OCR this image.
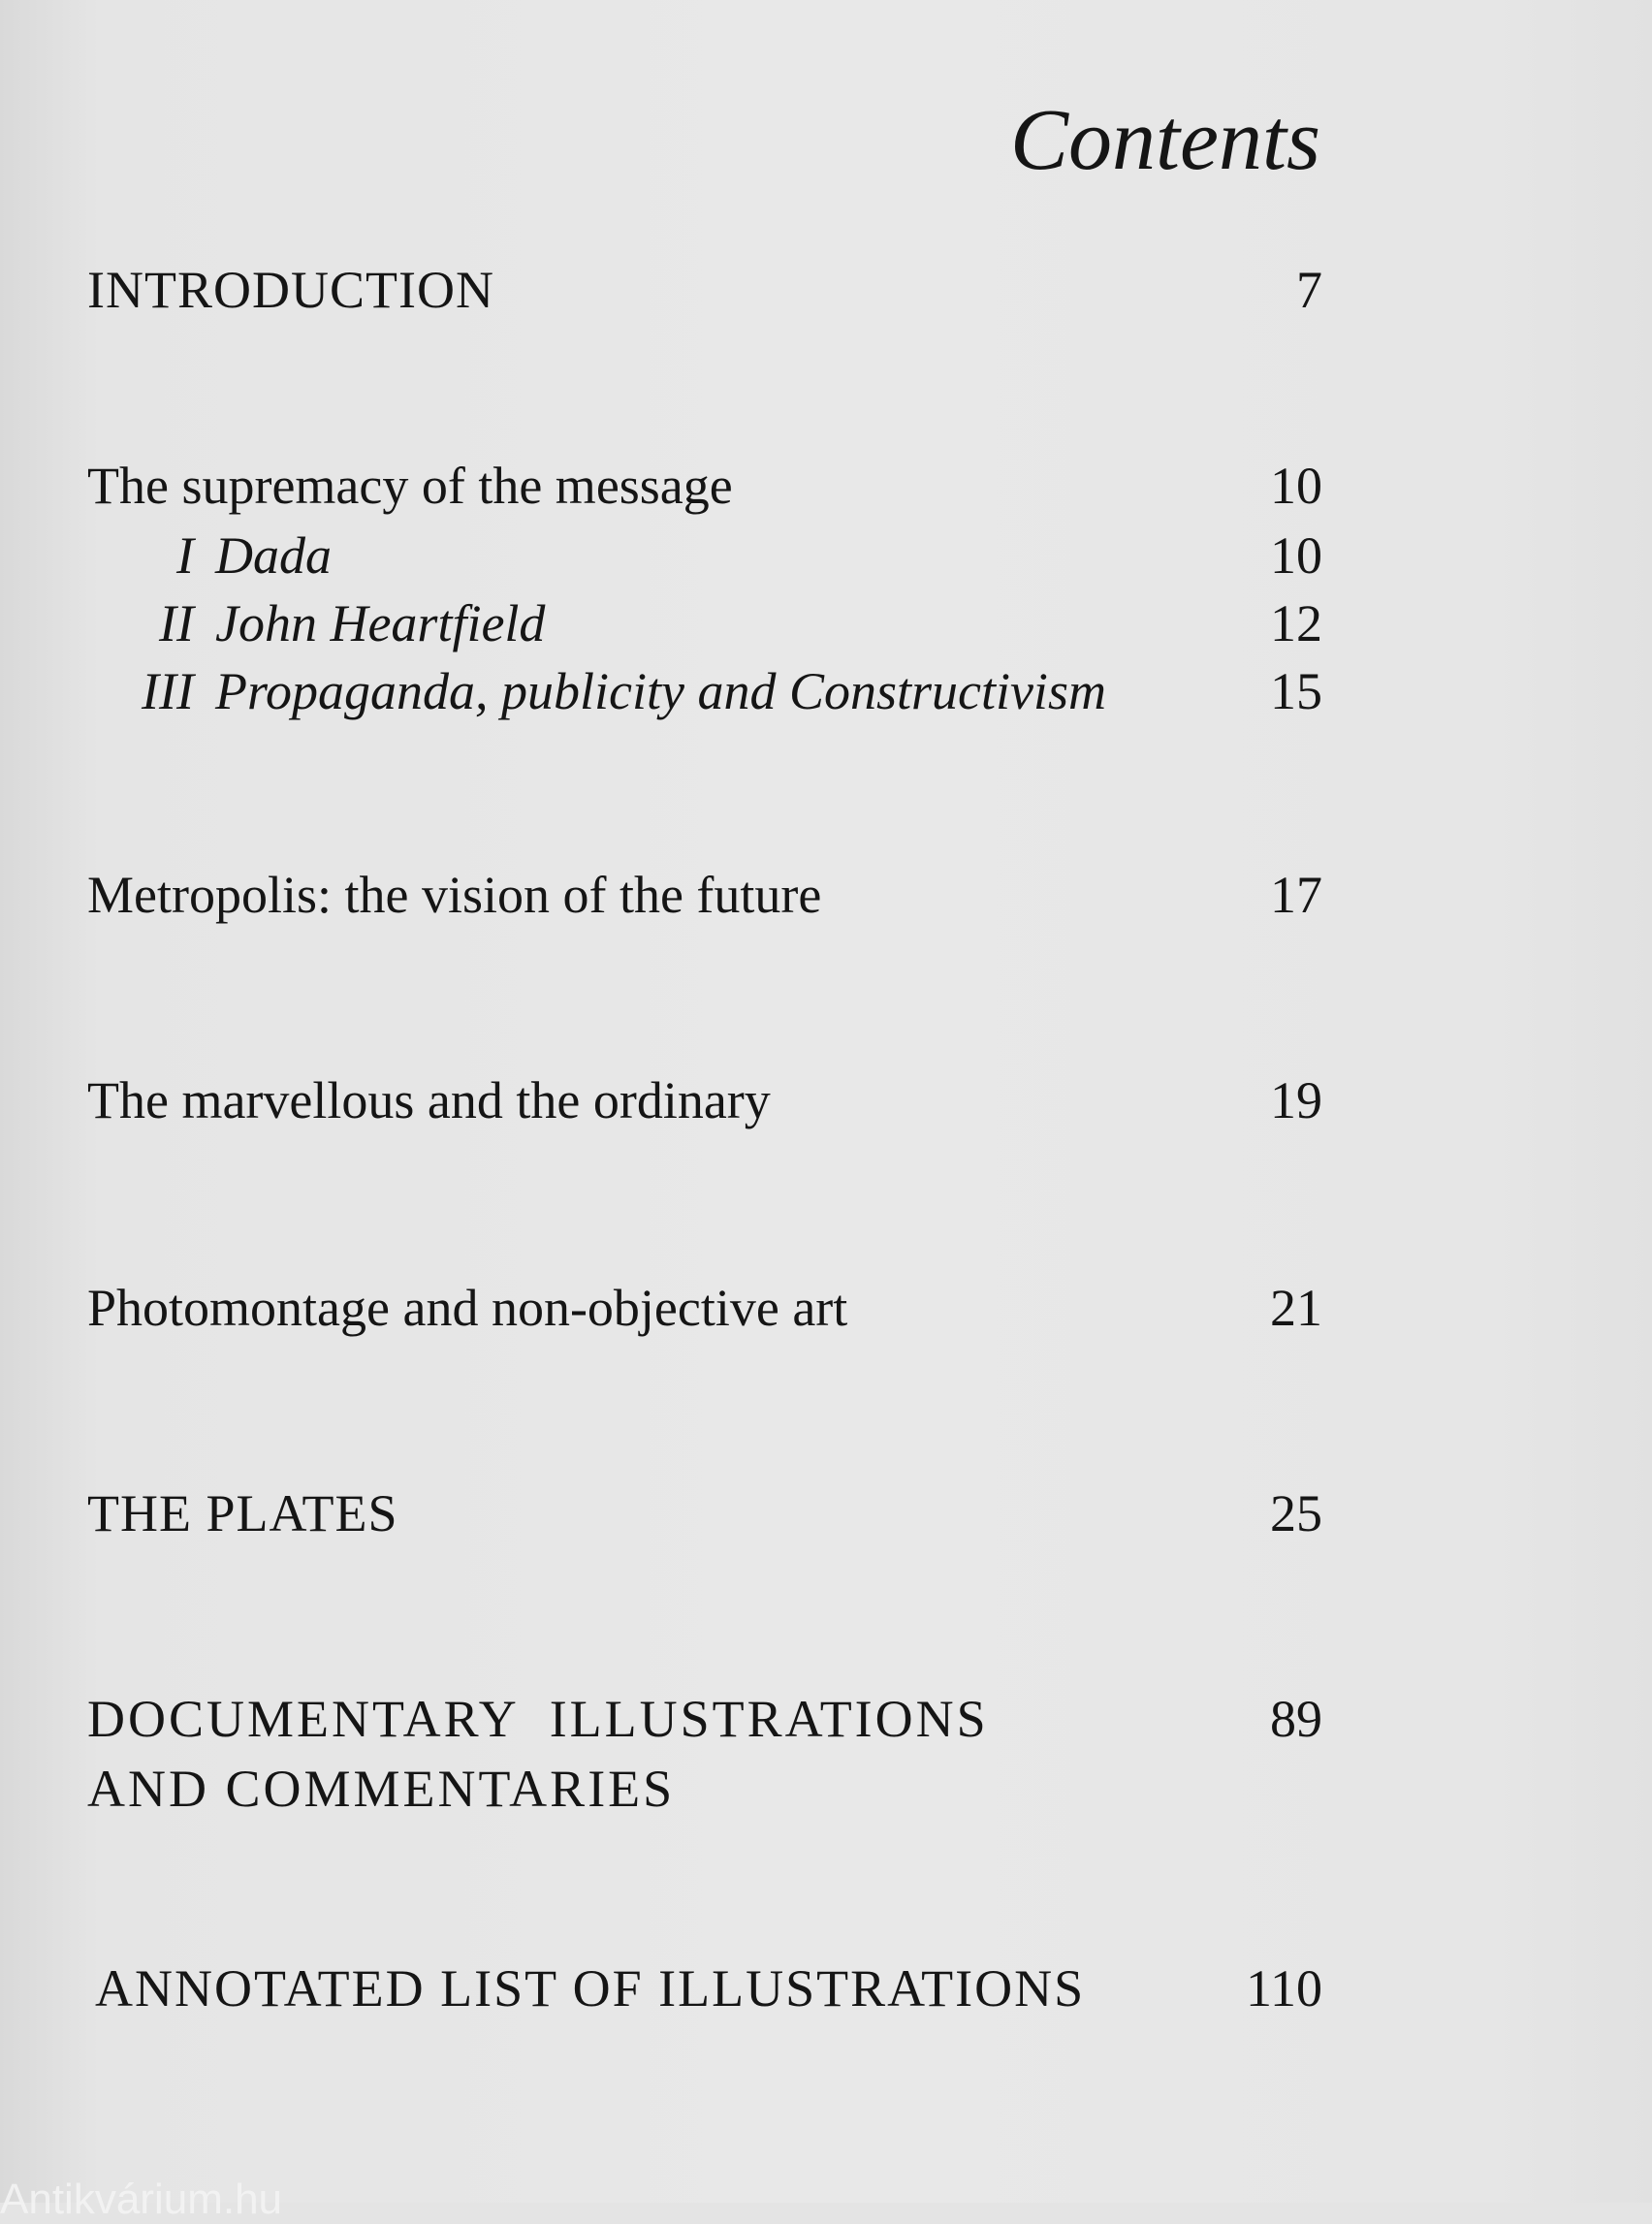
Contents
INTRODUCTION	7
The supremacy of the message	10
I Dada	10
II John Heartfield	12
III Propaganda, publicity and Constructivism	15
Metropolis: the vision of the future	17
The marvellous and the ordinary	19
Photomontage and non-objective art	21
THE PLATES	25
DOCUMENTARY  ILLUSTRATIONS	89
AND COMMENTARIES
ANNOTATED LIST OF ILLUSTRATIONS	110
Antikvárium.hu
